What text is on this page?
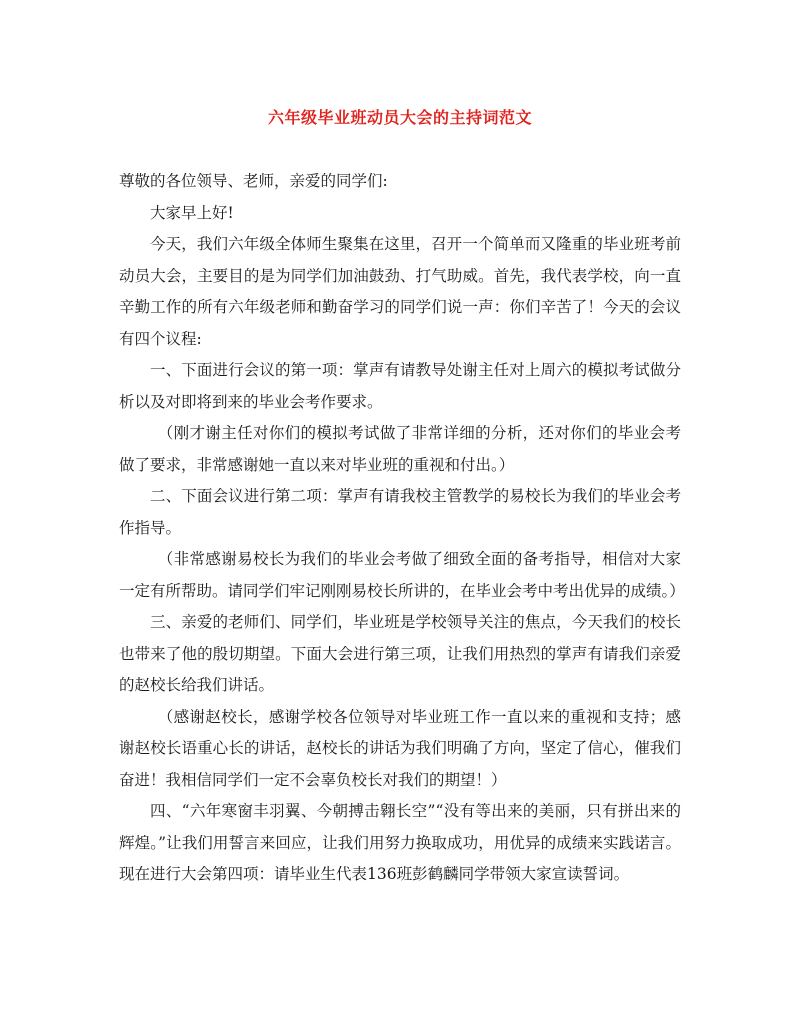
六年级毕业班动员大会的主持词范文

尊敬的各位领导、老师，亲爱的同学们:

大家早上好!

今天，我们六年级全体师生聚集在这里，召开一个简单而又隆重的毕业班考前动员大会，主要目的是为同学们加油鼓劲、打气助威。首先，我代表学校，向一直辛勤工作的所有六年级老师和勤奋学习的同学们说一声：你们辛苦了！今天的会议有四个议程:

一、下面进行会议的第一项：掌声有请教导处谢主任对上周六的模拟考试做分析以及对即将到来的毕业会考作要求。

（刚才谢主任对你们的模拟考试做了非常详细的分析，还对你们的毕业会考做了要求，非常感谢她一直以来对毕业班的重视和付出。）

二、下面会议进行第二项：掌声有请我校主管教学的易校长为我们的毕业会考作指导。

（非常感谢易校长为我们的毕业会考做了细致全面的备考指导，相信对大家一定有所帮助。请同学们牢记刚刚易校长所讲的，在毕业会考中考出优异的成绩。）

三、亲爱的老师们、同学们，毕业班是学校领导关注的焦点，今天我们的校长也带来了他的殷切期望。下面大会进行第三项，让我们用热烈的掌声有请我们亲爱的赵校长给我们讲话。

（感谢赵校长，感谢学校各位领导对毕业班工作一直以来的重视和支持；感谢赵校长语重心长的讲话，赵校长的讲话为我们明确了方向，坚定了信心，催我们奋进！我相信同学们一定不会辜负校长对我们的期望！）

四、“六年寒窗丰羽翼、今朝搏击翱长空”“没有等出来的美丽，只有拼出来的辉煌。”让我们用誓言来回应，让我们用努力换取成功，用优异的成绩来实践诺言。现在进行大会第四项：请毕业生代表136班彭鹤麟同学带领大家宣读誓词。
